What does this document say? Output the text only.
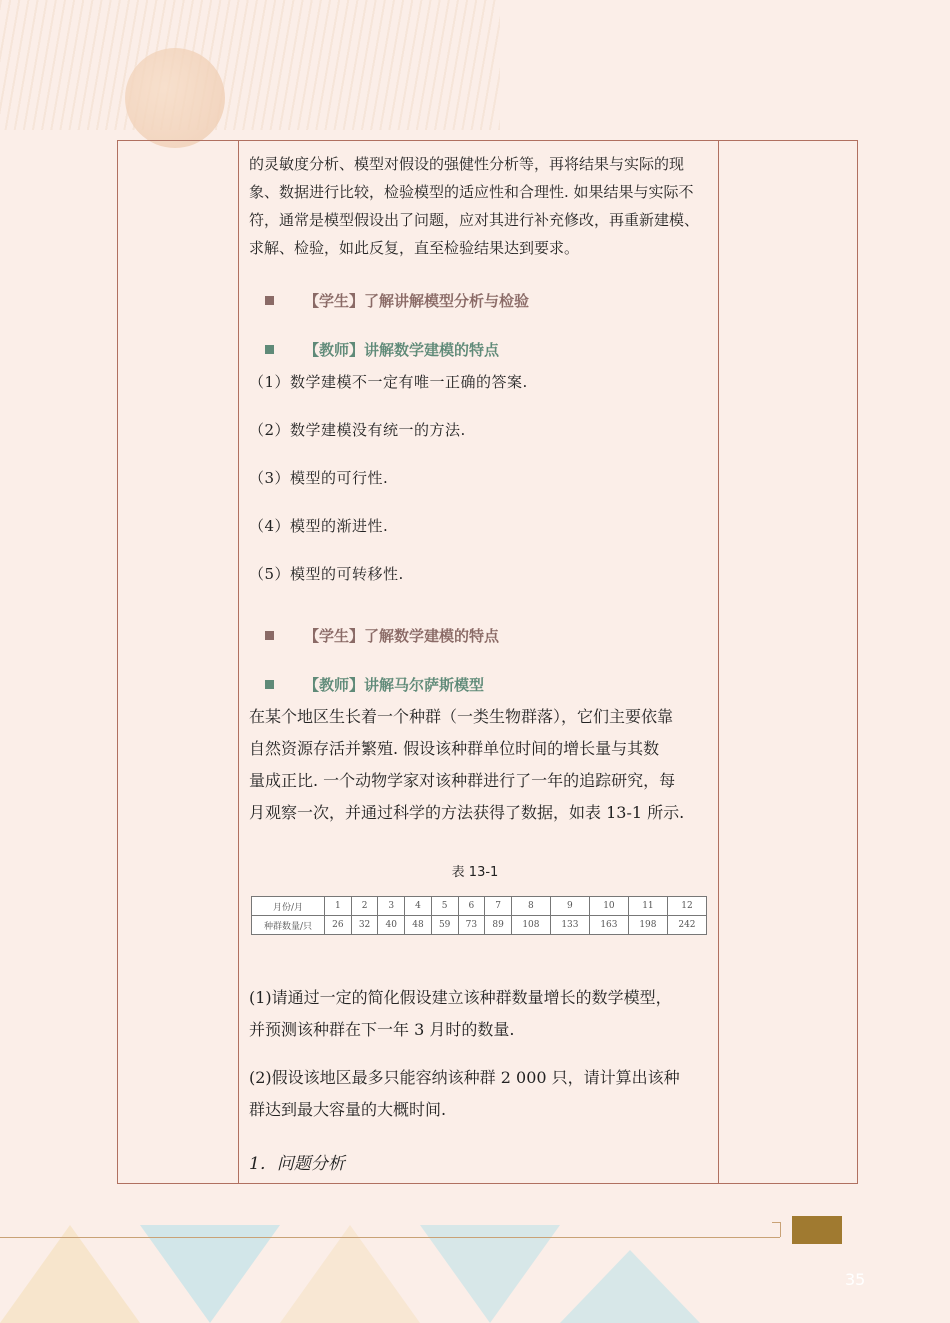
的灵敏度分析、模型对假设的强健性分析等，再将结果与实际的现

象、数据进行比较，检验模型的适应性和合理性. 如果结果与实际不

符，通常是模型假设出了问题，应对其进行补充修改，再重新建模、

求解、检验，如此反复，直至检验结果达到要求。

【学生】了解讲解模型分析与检验
【教师】讲解数学建模的特点
（1）数学建模不一定有唯一正确的答案.
（2）数学建模没有统一的方法.
（3）模型的可行性.
（4）模型的渐进性.
（5）模型的可转移性.
【学生】了解数学建模的特点
【教师】讲解马尔萨斯模型
在某个地区生长着一个种群（一类生物群落），它们主要依靠
自然资源存活并繁殖. 假设该种群单位时间的增长量与其数
量成正比. 一个动物学家对该种群进行了一年的追踪研究，每
月观察一次，并通过科学的方法获得了数据，如表 13-1 所示.
表 13-1
月份/月	1	2	3	4	5	6	7	8	9	10	11	12
种群数量/只	26	32	40	48	59	73	89	108	133	163	198	242
(1)请通过一定的简化假设建立该种群数量增长的数学模型，
并预测该种群在下一年 3 月时的数量.
(2)假设该地区最多只能容纳该种群 2 000 只，请计算出该种
群达到最大容量的大概时间.
1．问题分析
35
